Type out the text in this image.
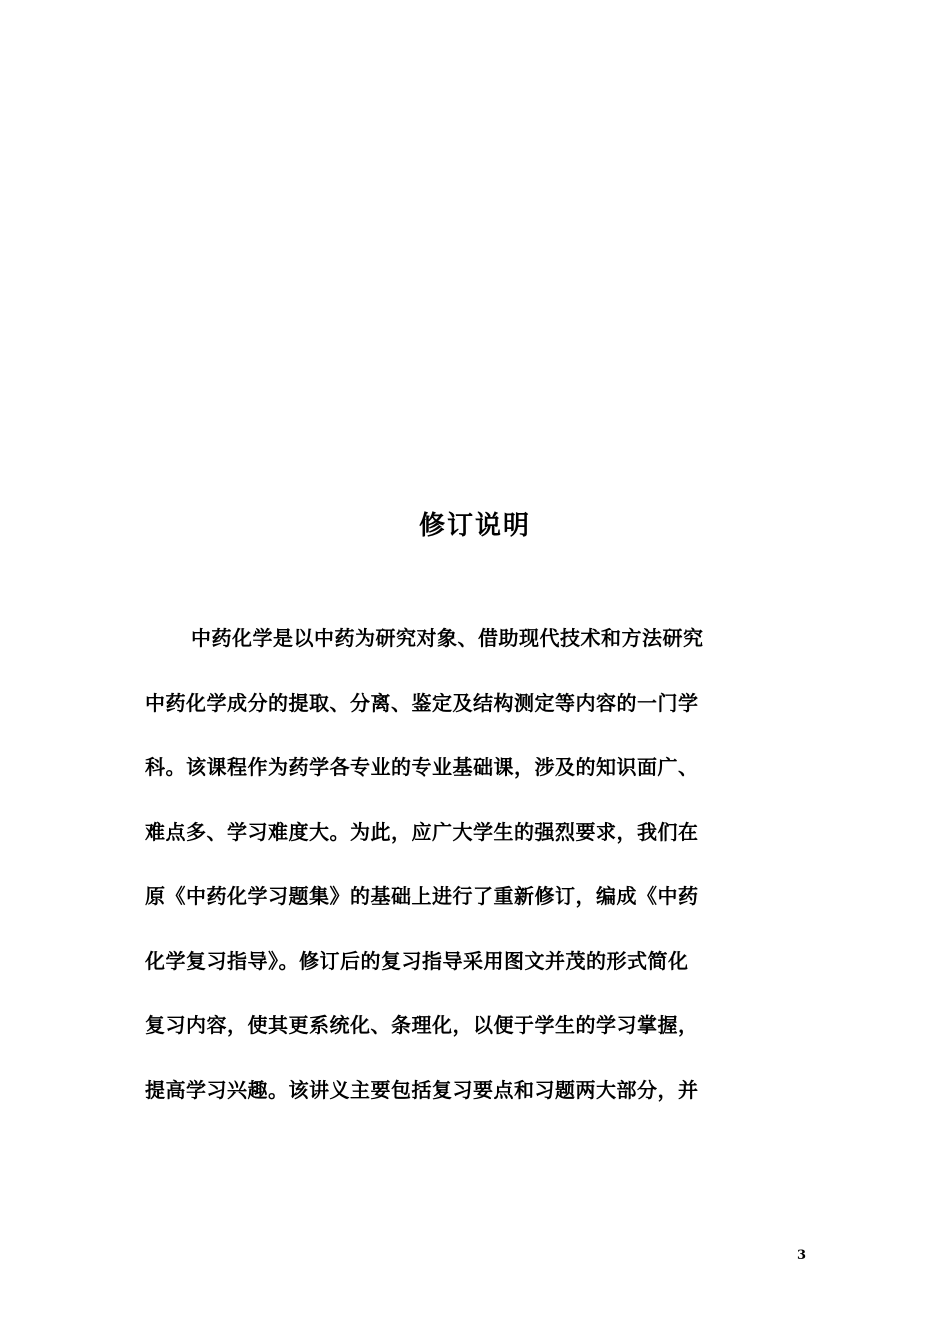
修订说明
中药化学是以中药为研究对象、借助现代技术和方法研究
中药化学成分的提取、分离、鉴定及结构测定等内容的一门学
科。该课程作为药学各专业的专业基础课，涉及的知识面广、
难点多、学习难度大。为此，应广大学生的强烈要求，我们在
原《中药化学习题集》的基础上进行了重新修订，编成《中药
化学复习指导》。修订后的复习指导采用图文并茂的形式简化
复习内容，使其更系统化、条理化，以便于学生的学习掌握，
提高学习兴趣。该讲义主要包括复习要点和习题两大部分，并
3
